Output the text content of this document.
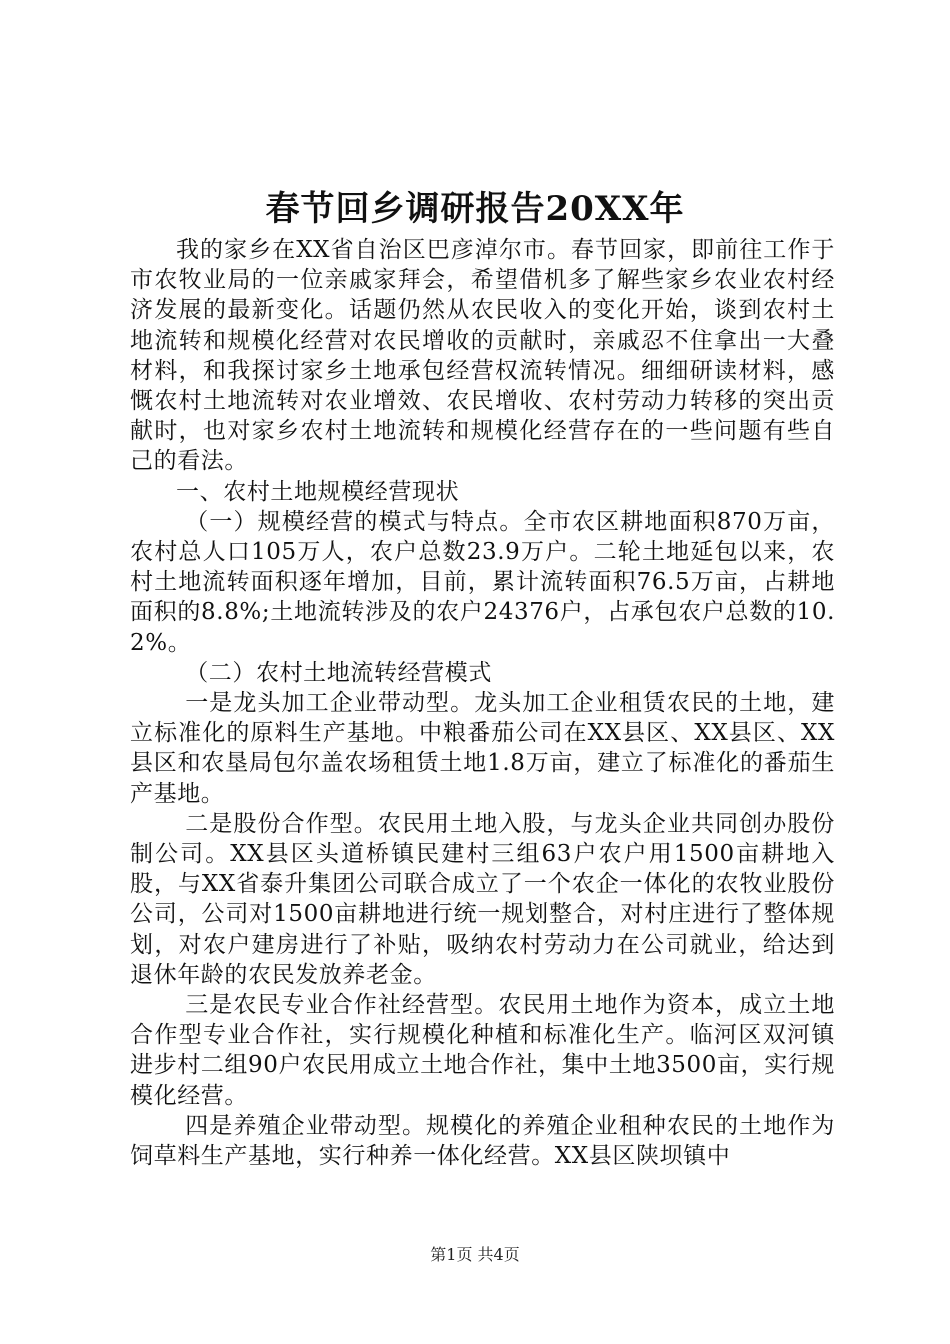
春节回乡调研报告20XX年

我的家乡在XX省自治区巴彦淖尔市。春节回家，即前往工作于市农牧业局的一位亲戚家拜会，希望借机多了解些家乡农业农村经济发展的最新变化。话题仍然从农民收入的变化开始，谈到农村土地流转和规模化经营对农民增收的贡献时，亲戚忍不住拿出一大叠材料，和我探讨家乡土地承包经营权流转情况。细细研读材料，感慨农村土地流转对农业增效、农民增收、农村劳动力转移的突出贡献时，也对家乡农村土地流转和规模化经营存在的一些问题有些自己的看法。

一、农村土地规模经营现状

（一）规模经营的模式与特点。全市农区耕地面积870万亩，农村总人口105万人，农户总数23.9万户。二轮土地延包以来，农村土地流转面积逐年增加，目前，累计流转面积76.5万亩，占耕地面积的8.8%;土地流转涉及的农户24376户，占承包农户总数的10.2%。

（二）农村土地流转经营模式

一是龙头加工企业带动型。龙头加工企业租赁农民的土地，建立标准化的原料生产基地。中粮番茄公司在XX县区、XX县区、XX县区和农垦局包尔盖农场租赁土地1.8万亩，建立了标准化的番茄生产基地。

二是股份合作型。农民用土地入股，与龙头企业共同创办股份制公司。XX县区头道桥镇民建村三组63户农户用1500亩耕地入股，与XX省泰升集团公司联合成立了一个农企一体化的农牧业股份公司，公司对1500亩耕地进行统一规划整合，对村庄进行了整体规划，对农户建房进行了补贴，吸纳农村劳动力在公司就业，给达到退休年龄的农民发放养老金。

三是农民专业合作社经营型。农民用土地作为资本，成立土地合作型专业合作社，实行规模化种植和标准化生产。临河区双河镇进步村二组90户农民用成立土地合作社，集中土地3500亩，实行规模化经营。

四是养殖企业带动型。规模化的养殖企业租种农民的土地作为饲草料生产基地，实行种养一体化经营。XX县区陕坝镇中

第1页 共4页
